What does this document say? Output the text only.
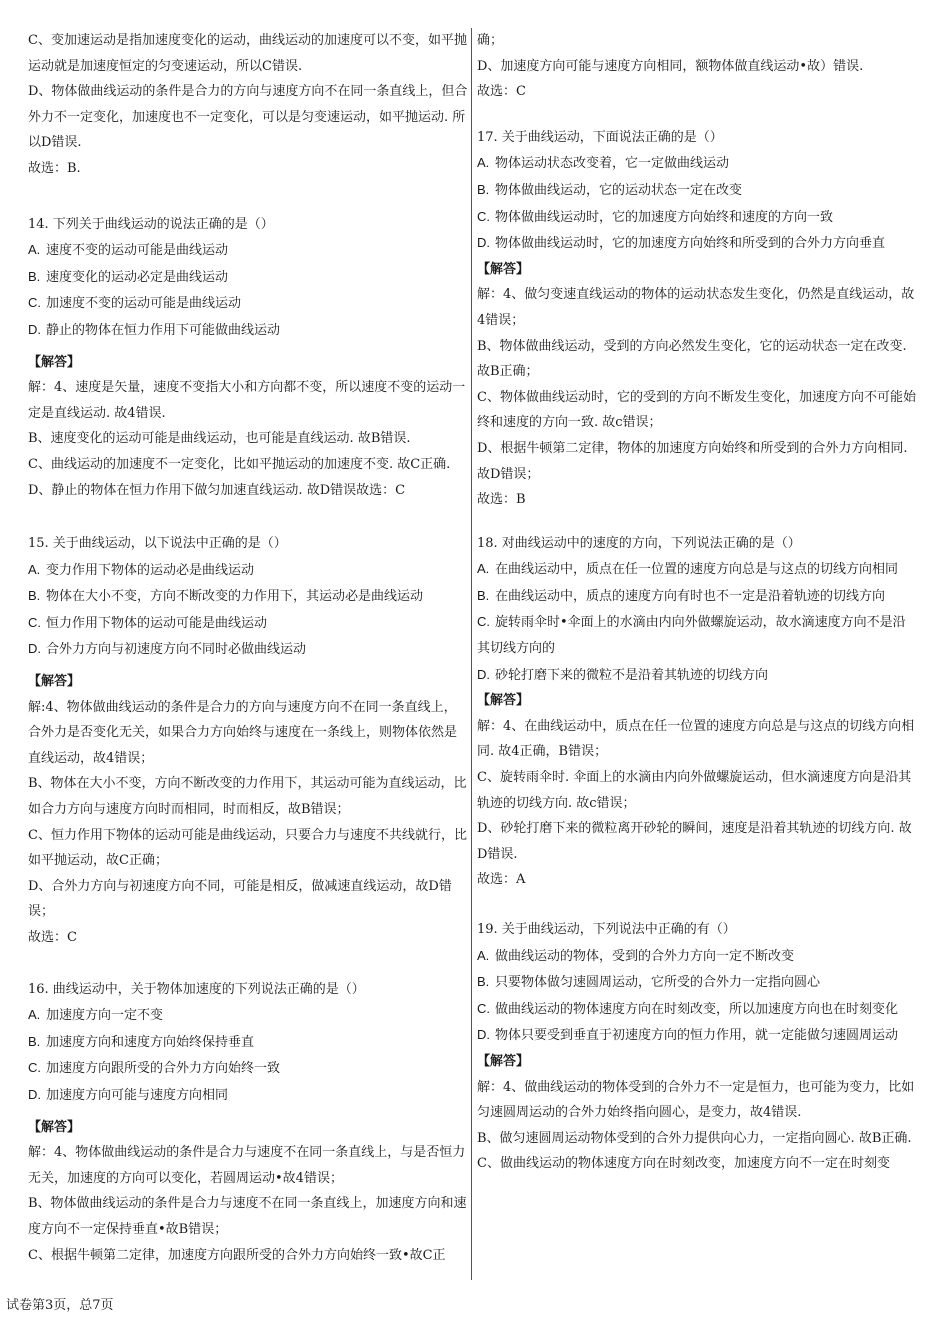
C、变加速运动是指加速度变化的运动，曲线运动的加速度可以不变，如平抛运动就是加速度恒定的匀变速运动，所以C错误.

D、物体做曲线运动的条件是合力的方向与速度方向不在同一条直线上，但合外力不一定变化，加速度也不一定变化，可以是匀变速运动，如平抛运动. 所以D错误.

故选：B.

14. 下列关于曲线运动的说法正确的是（）

A. 速度不变的运动可能是曲线运动
B. 速度变化的运动必定是曲线运动
C. 加速度不变的运动可能是曲线运动
D. 静止的物体在恒力作用下可能做曲线运动

【解答】

解：4、速度是矢量，速度不变指大小和方向都不变，所以速度不变的运动一定是直线运动. 故4错误.

B、速度变化的运动可能是曲线运动，也可能是直线运动. 故B错误.

C、曲线运动的加速度不一定变化，比如平抛运动的加速度不变. 故C正确.

D、静止的物体在恒力作用下做匀加速直线运动. 故D错误故选：C

15. 关于曲线运动，以下说法中正确的是（）

A. 变力作用下物体的运动必是曲线运动
B. 物体在大小不变，方向不断改变的力作用下，其运动必是曲线运动
C. 恒力作用下物体的运动可能是曲线运动
D. 合外力方向与初速度方向不同时必做曲线运动

【解答】

解:4、物体做曲线运动的条件是合力的方向与速度方向不在同一条直线上，合外力是否变化无关，如果合力方向始终与速度在一条线上，则物体依然是直线运动，故4错误；

B、物体在大小不变，方向不断改变的力作用下，其运动可能为直线运动，比如合力方向与速度方向时而相同，时而相反，故B错误；

C、恒力作用下物体的运动可能是曲线运动，只要合力与速度不共线就行，比如平抛运动，故C正确；

D、合外力方向与初速度方向不同，可能是相反，做减速直线运动，故D错误；

故选：C

16. 曲线运动中，关于物体加速度的下列说法正确的是（）

A. 加速度方向一定不变
B. 加速度方向和速度方向始终保持垂直
C. 加速度方向跟所受的合外力方向始终一致
D. 加速度方向可能与速度方向相同

【解答】

解：4、物体做曲线运动的条件是合力与速度不在同一条直线上，与是否恒力无关，加速度的方向可以变化，若圆周运动•故4错误；

B、物体做曲线运动的条件是合力与速度不在同一条直线上，加速度方向和速度方向不一定保持垂直•故B错误；

C、根据牛顿第二定律，加速度方向跟所受的合外力方向始终一致•故C正

确；

D、加速度方向可能与速度方向相同，额物体做直线运动•故）错误.

故选：C

17. 关于曲线运动，下面说法正确的是（）

A. 物体运动状态改变着，它一定做曲线运动
B. 物体做曲线运动，它的运动状态一定在改变
C. 物体做曲线运动时，它的加速度方向始终和速度的方向一致
D. 物体做曲线运动时，它的加速度方向始终和所受到的合外力方向垂直

【解答】

解：4、做匀变速直线运动的物体的运动状态发生变化，仍然是直线运动，故4错误；

B、物体做曲线运动，受到的方向必然发生变化，它的运动状态一定在改变. 故B正确；

C、物体做曲线运动时，它的受到的方向不断发生变化，加速度方向不可能始终和速度的方向一致. 故c错误；

D、根据牛顿第二定律，物体的加速度方向始终和所受到的合外力方向相同. 故D错误；

故选：B

18. 对曲线运动中的速度的方向，下列说法正确的是（）

A. 在曲线运动中，质点在任一位置的速度方向总是与这点的切线方向相同
B. 在曲线运动中，质点的速度方向有时也不一定是沿着轨迹的切线方向
C. 旋转雨伞时•伞面上的水滴由内向外做螺旋运动，故水滴速度方向不是沿其切线方向的
D. 砂轮打磨下来的微粒不是沿着其轨迹的切线方向

【解答】

解：4、在曲线运动中，质点在任一位置的速度方向总是与这点的切线方向相同. 故4正确，B错误；

C、旋转雨伞时. 伞面上的水滴由内向外做螺旋运动，但水滴速度方向是沿其轨迹的切线方向. 故c错误；

D、砂轮打磨下来的微粒离开砂轮的瞬间，速度是沿着其轨迹的切线方向. 故D错误.

故选：A

19. 关于曲线运动，下列说法中正确的有（）

A. 做曲线运动的物体，受到的合外力方向一定不断改变
B. 只要物体做匀速圆周运动，它所受的合外力一定指向圆心
C. 做曲线运动的物体速度方向在时刻改变，所以加速度方向也在时刻变化
D. 物体只要受到垂直于初速度方向的恒力作用，就一定能做匀速圆周运动

【解答】

解：4、做曲线运动的物体受到的合外力不一定是恒力，也可能为变力，比如匀速圆周运动的合外力始终指向圆心，是变力，故4错误.

B、做匀速圆周运动物体受到的合外力提供向心力，一定指向圆心. 故B正确.

C、做曲线运动的物体速度方向在时刻改变，加速度方向不一定在时刻变

试卷第3页，总7页
